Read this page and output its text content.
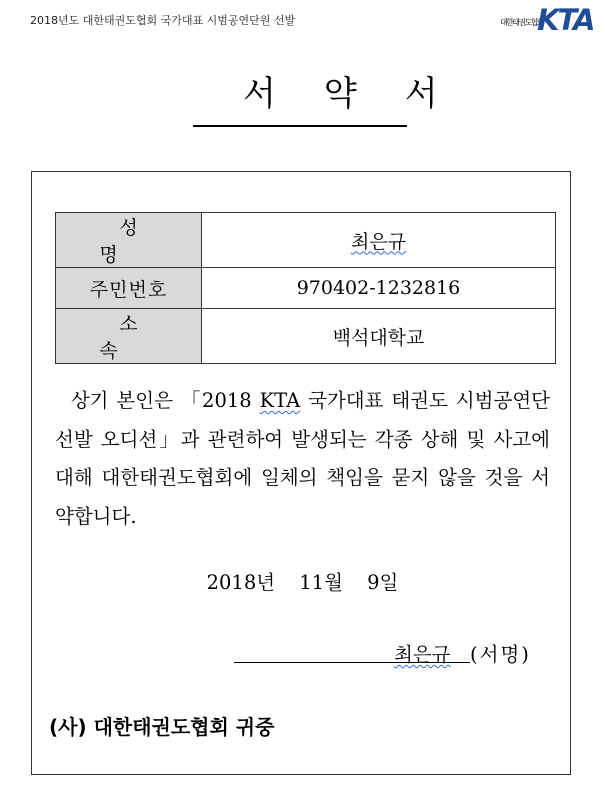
2018년도 대한태권도협회 국가대표 시범공연단원 선발	대한태권도협회
KTA
서약서
성명	최은규
주민번호	970402-1232816
소속	백석대학교
상기 본인은 「2018 KTA 국가대표 태권도 시범공연단 선발 오디션」과 관련하여 발생되는 각종 상해 및 사고에 대해 대한태권도협회에 일체의 책임을 묻지 않을 것을 서약합니다.
2018년 11월 9일
최은규 (서명)
(사) 대한태권도협회 귀중
